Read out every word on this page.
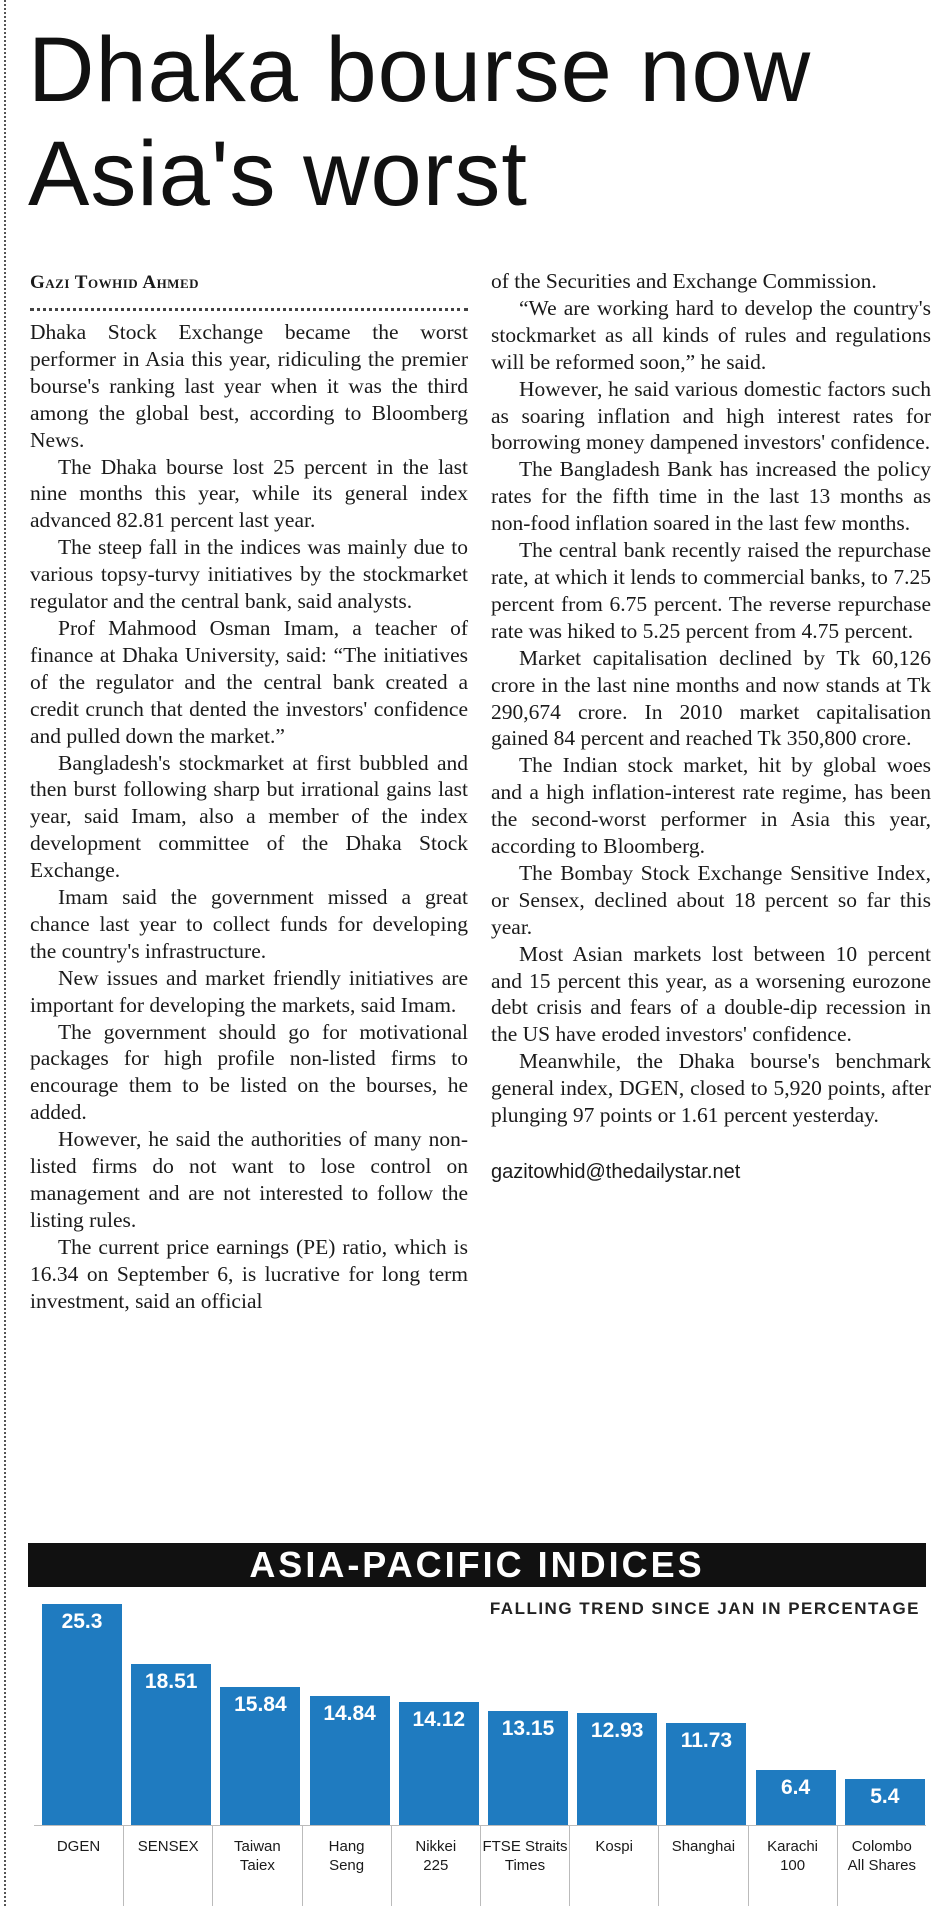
Dhaka bourse now
Asia's worst
Gazi Towhid Ahmed

Dhaka Stock Exchange became the worst performer in Asia this year, ridiculing the premier bourse's ranking last year when it was the third among the global best, according to Bloomberg News.

The Dhaka bourse lost 25 percent in the last nine months this year, while its general index advanced 82.81 percent last year.

The steep fall in the indices was mainly due to various topsy-turvy initiatives by the stockmarket regulator and the central bank, said analysts.

Prof Mahmood Osman Imam, a teacher of finance at Dhaka University, said: “The initiatives of the regulator and the central bank created a credit crunch that dented the investors' confidence and pulled down the market.”

Bangladesh's stockmarket at first bubbled and then burst following sharp but irrational gains last year, said Imam, also a member of the index development committee of the Dhaka Stock Exchange.

Imam said the government missed a great chance last year to collect funds for developing the country's infrastructure.

New issues and market friendly initiatives are important for developing the markets, said Imam.

The government should go for motivational packages for high profile non-listed firms to encourage them to be listed on the bourses, he added.

However, he said the authorities of many non-listed firms do not want to lose control on management and are not interested to follow the listing rules.

The current price earnings (PE) ratio, which is 16.34 on September 6, is lucrative for long term investment, said an official

of the Securities and Exchange Commission.

“We are working hard to develop the country's stockmarket as all kinds of rules and regulations will be reformed soon,” he said.

However, he said various domestic factors such as soaring inflation and high interest rates for borrowing money dampened investors' confidence.

The Bangladesh Bank has increased the policy rates for the fifth time in the last 13 months as non-food inflation soared in the last few months.

The central bank recently raised the repurchase rate, at which it lends to commercial banks, to 7.25 percent from 6.75 percent. The reverse repurchase rate was hiked to 5.25 percent from 4.75 percent.

Market capitalisation declined by Tk 60,126 crore in the last nine months and now stands at Tk 290,674 crore. In 2010 market capitalisation gained 84 percent and reached Tk 350,800 crore.

The Indian stock market, hit by global woes and a high inflation-interest rate regime, has been the second-worst performer in Asia this year, according to Bloomberg.

The Bombay Stock Exchange Sensitive Index, or Sensex, declined about 18 percent so far this year.

Most Asian markets lost between 10 percent and 15 percent this year, as a worsening eurozone debt crisis and fears of a double-dip recession in the US have eroded investors' confidence.

Meanwhile, the Dhaka bourse's benchmark general index, DGEN, closed to 5,920 points, after plunging 97 points or 1.61 percent yesterday.

gazitowhid@thedailystar.net

ASIA-PACIFIC INDICES
FALLING TREND SINCE JAN IN PERCENTAGE
25.3
DGEN
18.51
SENSEX
15.84
Taiwan
Taiex
14.84
Hang
Seng
14.12
Nikkei
225
13.15
FTSE Straits
Times
12.93
Kospi
11.73
Shanghai
6.4
Karachi
100
5.4
Colombo
All Shares
